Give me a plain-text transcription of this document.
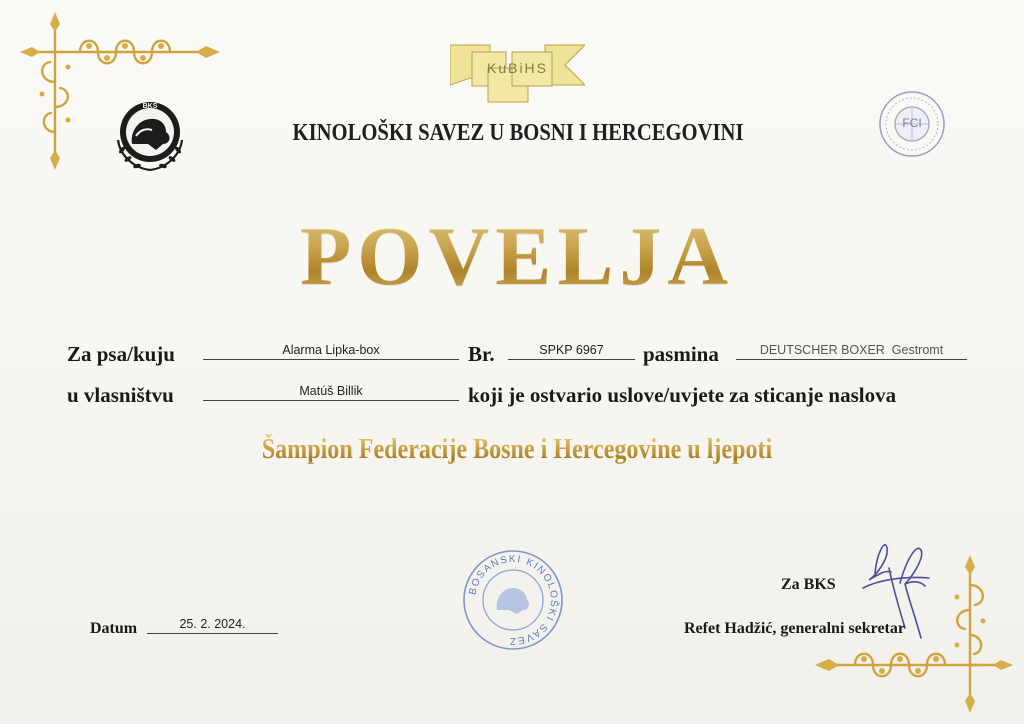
BKS
KuBiHS
FCI
KINOLOŠKI SAVEZ U BOSNI I HERCEGOVINI
POVELJA
Za psa/kuju	Alarma Lipka-box	Br.	SPKP 6967	pasmina	DEUTSCHER BOXER  Gestromt
u vlasništvu	Matúš Billik	koji je ostvario uslove/uvjete za sticanje naslova
Šampion Federacije Bosne i Hercegovine u ljepoti
BOSANSKI KINOLOŠKI SAVEZ
Datum	25. 2. 2024.
Za BKS
Refet Hadžić, generalni sekretar
